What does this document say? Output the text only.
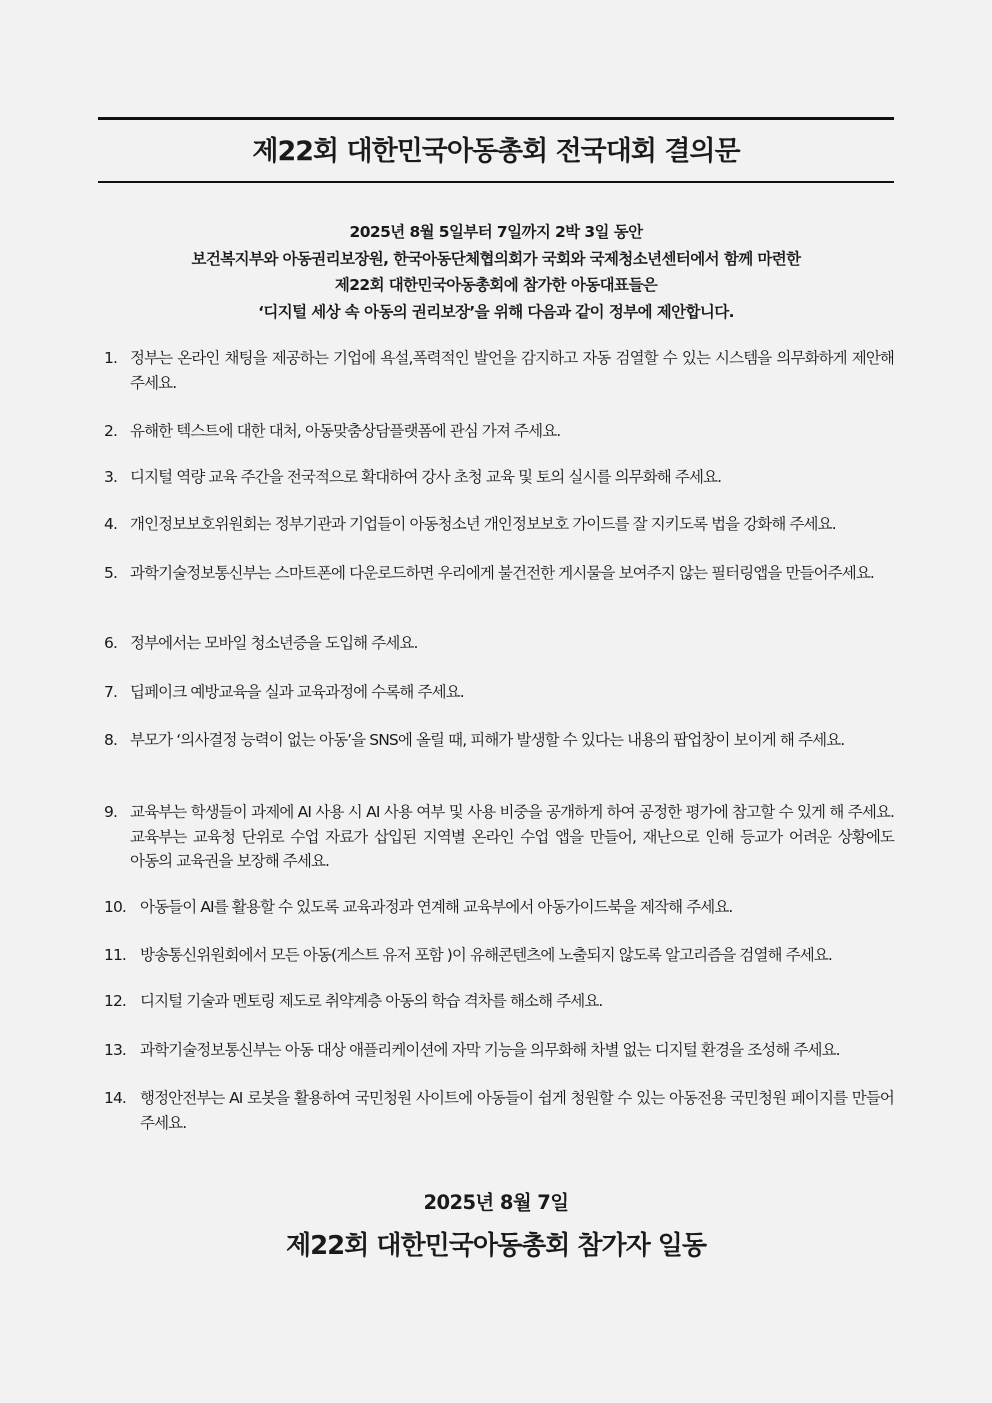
제22회 대한민국아동총회 전국대회 결의문
2025년 8월 5일부터 7일까지 2박 3일 동안
보건복지부와 아동권리보장원, 한국아동단체협의회가 국회와 국제청소년센터에서 함께 마련한
제22회 대한민국아동총회에 참가한 아동대표들은
‘디지털 세상 속 아동의 권리보장’을 위해 다음과 같이 정부에 제안합니다.
1. 정부는 온라인 채팅을 제공하는 기업에 욕설,폭력적인 발언을 감지하고 자동 검열할 수 있는 시스템을 의무화하게 제안해 주세요.
2. 유해한 텍스트에 대한 대처, 아동맞춤상담플랫폼에 관심 가져 주세요.
3. 디지털 역량 교육 주간을 전국적으로 확대하여 강사 초청 교육 및 토의 실시를 의무화해 주세요.
4. 개인정보보호위원회는 정부기관과 기업들이 아동청소년 개인정보보호 가이드를 잘 지키도록 법을 강화해 주세요.
5. 과학기술정보통신부는 스마트폰에 다운로드하면 우리에게 불건전한 게시물을 보여주지 않는 필터링앱을 만들어주세요.
6. 정부에서는 모바일 청소년증을 도입해 주세요.
7. 딥페이크 예방교육을 실과 교육과정에 수록해 주세요.
8. 부모가 ‘의사결정 능력이 없는 아동’을 SNS에 올릴 때, 피해가 발생할 수 있다는 내용의 팝업창이 보이게 해 주세요.
9. 교육부는 학생들이 과제에 AI 사용 시 AI 사용 여부 및 사용 비중을 공개하게 하여 공정한 평가에 참고할 수 있게 해 주세요. 교육부는 교육청 단위로 수업 자료가 삽입된 지역별 온라인 수업 앱을 만들어, 재난으로 인해 등교가 어려운 상황에도 아동의 교육권을 보장해 주세요.
10. 아동들이 AI를 활용할 수 있도록 교육과정과 연계해 교육부에서 아동가이드북을 제작해 주세요.
11. 방송통신위원회에서 모든 아동(게스트 유저 포함 )이 유해콘텐츠에 노출되지 않도록 알고리즘을 검열해 주세요.
12. 디지털 기술과 멘토링 제도로 취약계층 아동의 학습 격차를 해소해 주세요.
13. 과학기술정보통신부는 아동 대상 애플리케이션에 자막 기능을 의무화해 차별 없는 디지털 환경을 조성해 주세요.
14. 행정안전부는 AI 로봇을 활용하여 국민청원 사이트에 아동들이 쉽게 청원할 수 있는 아동전용 국민청원 페이지를 만들어 주세요.
2025년 8월 7일
제22회 대한민국아동총회 참가자 일동
